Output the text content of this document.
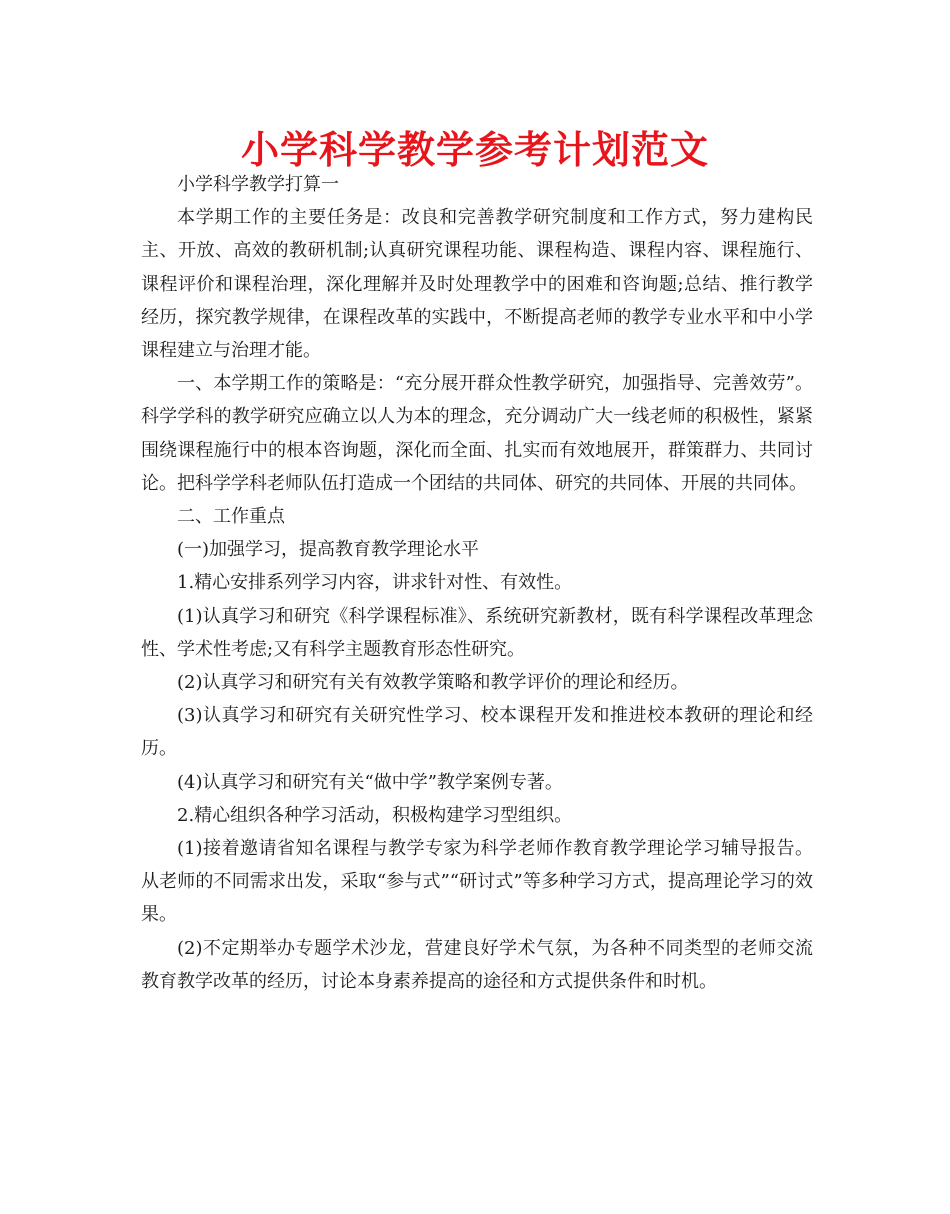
小学科学教学参考计划范文

小学科学教学打算一

本学期工作的主要任务是：改良和完善教学研究制度和工作方式，努力建构民主、开放、高效的教研机制;认真研究课程功能、课程构造、课程内容、课程施行、课程评价和课程治理，深化理解并及时处理教学中的困难和咨询题;总结、推行教学经历，探究教学规律，在课程改革的实践中，不断提高老师的教学专业水平和中小学课程建立与治理才能。

一、本学期工作的策略是：“充分展开群众性教学研究，加强指导、完善效劳”。科学学科的教学研究应确立以人为本的理念，充分调动广大一线老师的积极性，紧紧围绕课程施行中的根本咨询题，深化而全面、扎实而有效地展开，群策群力、共同讨论。把科学学科老师队伍打造成一个团结的共同体、研究的共同体、开展的共同体。

二、工作重点

(一)加强学习，提高教育教学理论水平

1.精心安排系列学习内容，讲求针对性、有效性。

(1)认真学习和研究《科学课程标准》、系统研究新教材，既有科学课程改革理念性、学术性考虑;又有科学主题教育形态性研究。

(2)认真学习和研究有关有效教学策略和教学评价的理论和经历。

(3)认真学习和研究有关研究性学习、校本课程开发和推进校本教研的理论和经历。

(4)认真学习和研究有关“做中学”教学案例专著。

2.精心组织各种学习活动，积极构建学习型组织。

(1)接着邀请省知名课程与教学专家为科学老师作教育教学理论学习辅导报告。从老师的不同需求出发，采取“参与式”“研讨式”等多种学习方式，提高理论学习的效果。

(2)不定期举办专题学术沙龙，营建良好学术气氛，为各种不同类型的老师交流教育教学改革的经历，讨论本身素养提高的途径和方式提供条件和时机。
